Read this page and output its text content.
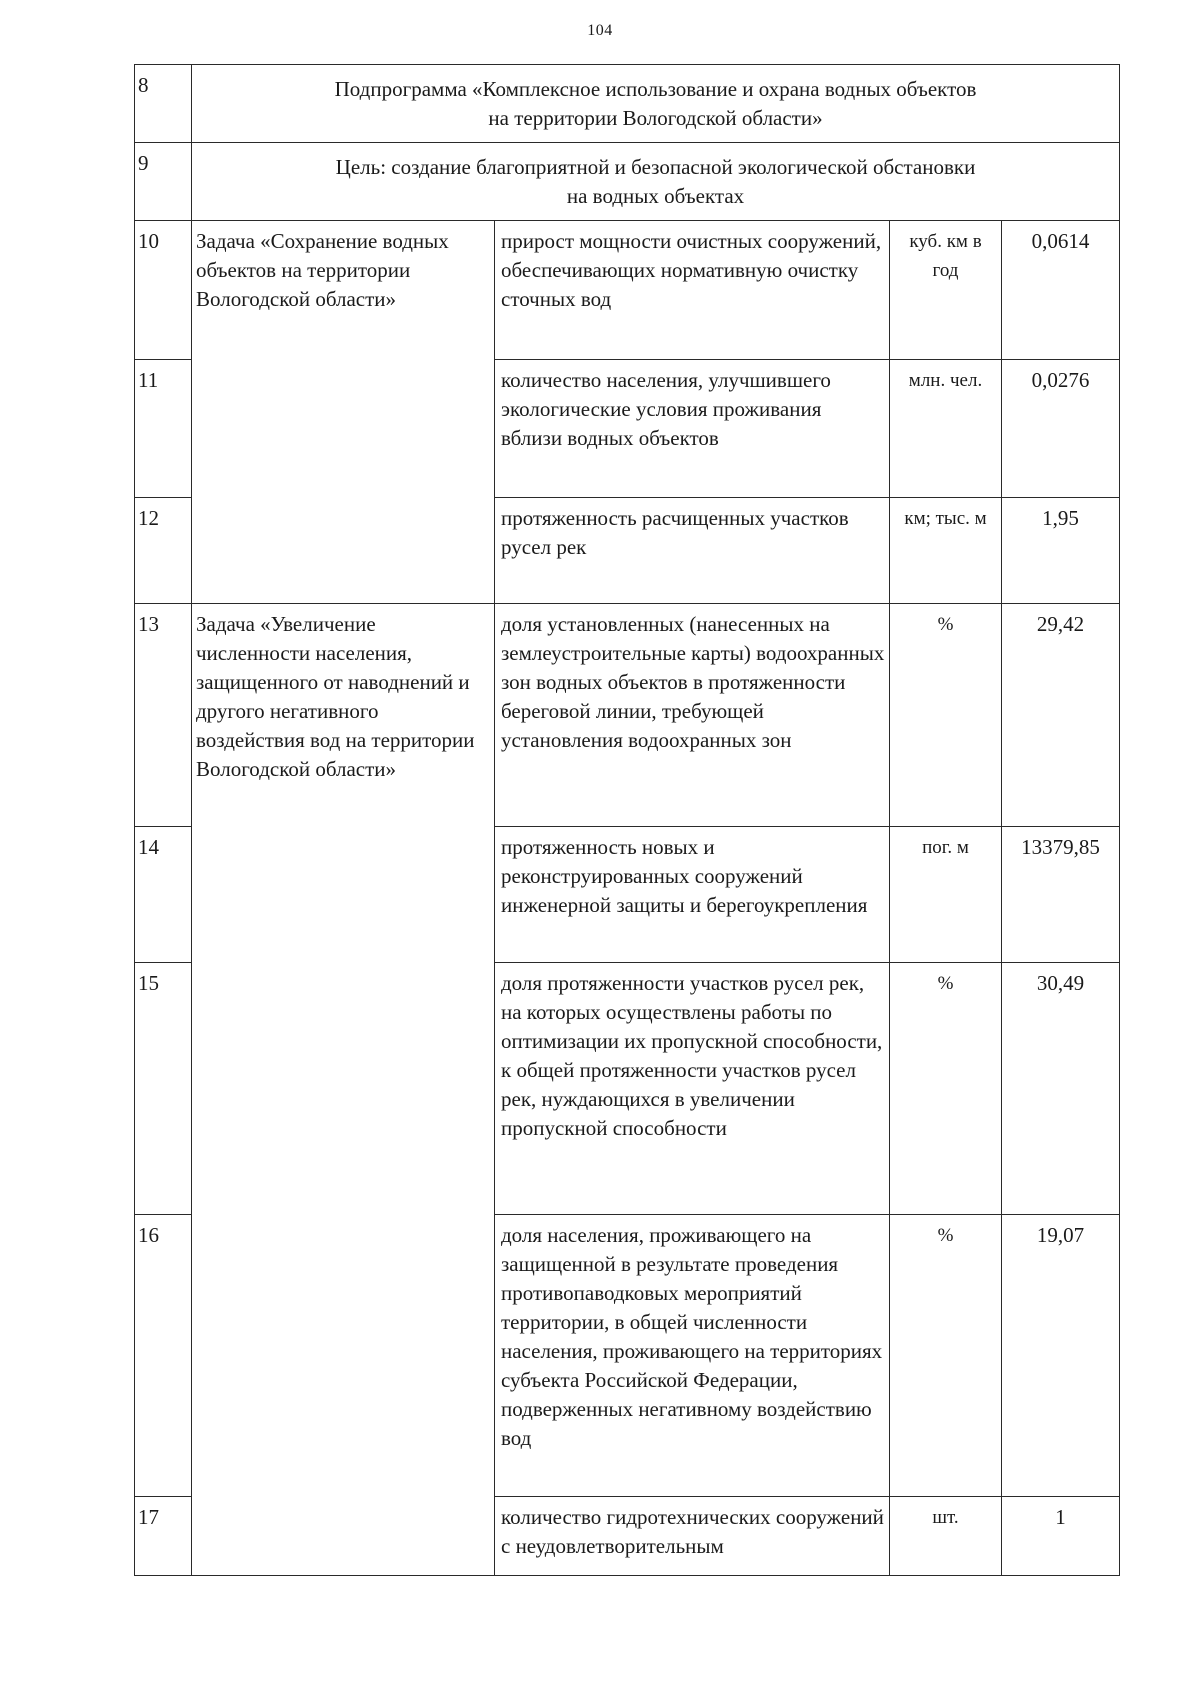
104
8	Подпрограмма «Комплексное использование и охрана водных объектов
на территории Вологодской области»			

9	Цель: создание благоприятной и безопасной экологической обстановки
на водных объектах			

10	Задача «Сохранение водных объектов на территории Вологодской области»	прирост мощности очистных сооружений, обеспечивающих нормативную очистку сточных вод	куб. км в год	0,0614
11		количество населения, улучшившего экологические условия проживания вблизи водных объектов	млн. чел.	0,0276
12		протяженность расчищенных участков русел рек	км; тыс. м	1,95
13	Задача «Увеличение численности населения, защищенного от наводнений и другого негативного воздействия вод на территории Вологодской области»	доля установленных (нанесенных на землеустроительные карты) водоохранных зон водных объектов в протяженности береговой линии, требующей установления водоохранных зон	%	29,42
14		протяженность новых и реконструированных сооружений инженерной защиты и берегоукрепления	пог. м	13379,85
15		доля протяженности участков русел рек, на которых осуществлены работы по оптимизации их пропускной способности, к общей протяженности участков русел рек, нуждающихся в увеличении пропускной способности	%	30,49
16		доля населения, проживающего на защищенной в результате проведения противопаводковых мероприятий территории, в общей численности населения, проживающего на территориях субъекта Российской Федерации, подверженных негативному воздействию вод	%	19,07
17		количество гидротехнических сооружений с неудовлетворительным	шт.	1
